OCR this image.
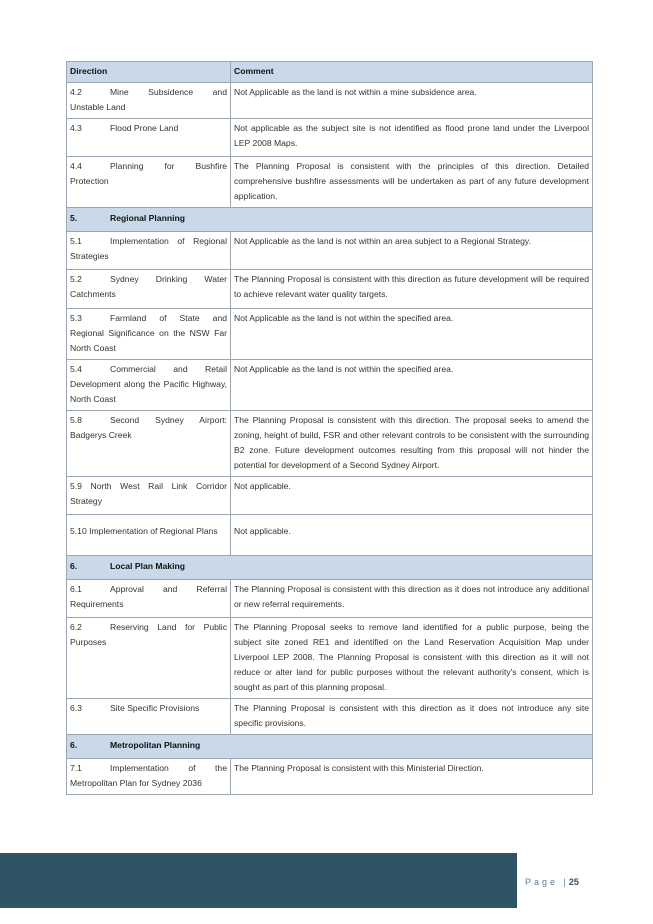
Direction	Comment
4.2 Mine Subsidence and Unstable Land	Not Applicable as the land is not within a mine subsidence area.
4.3 Flood Prone Land	Not applicable as the subject site is not identified as flood prone land under the Liverpool LEP 2008 Maps.
4.4 Planning for Bushfire Protection	The Planning Proposal is consistent with the principles of this direction. Detailed comprehensive bushfire assessments will be undertaken as part of any future development application.
5. Regional Planning	
5.1 Implementation of Regional Strategies	Not Applicable as the land is not within an area subject to a Regional Strategy.
5.2 Sydney Drinking Water Catchments	The Planning Proposal is consistent with this direction as future development will be required to achieve relevant water quality targets.
5.3 Farmland of State and Regional Significance on the NSW Far North Coast	Not Applicable as the land is not within the specified area.
5.4 Commercial and Retail Development along the Pacific Highway, North Coast	Not Applicable as the land is not within the specified area.
5.8 Second Sydney Airport: Badgerys Creek	The Planning Proposal is consistent with this direction. The proposal seeks to amend the zoning, height of build, FSR and other relevant controls to be consistent with the surrounding B2 zone. Future development outcomes resulting from this proposal will not hinder the potential for development of a Second Sydney Airport.
5.9 North West Rail Link Corridor Strategy	Not applicable.
5.10 Implementation of Regional Plans	Not applicable.
6. Local Plan Making	
6.1 Approval and Referral Requirements	The Planning Proposal is consistent with this direction as it does not introduce any additional or new referral requirements.
6.2 Reserving Land for Public Purposes	The Planning Proposal seeks to remove land identified for a public purpose, being the subject site zoned RE1 and identified on the Land Reservation Acquisition Map under Liverpool LEP 2008. The Planning Proposal is consistent with this direction as it will not reduce or alter land for public purposes without the relevant authority's consent, which is sought as part of this planning proposal.
6.3 Site Specific Provisions	The Planning Proposal is consistent with this direction as it does not introduce any site specific provisions.
6. Metropolitan Planning	
7.1 Implementation of the Metropolitan Plan for Sydney 2036	The Planning Proposal is consistent with this Ministerial Direction.
Page | 25
